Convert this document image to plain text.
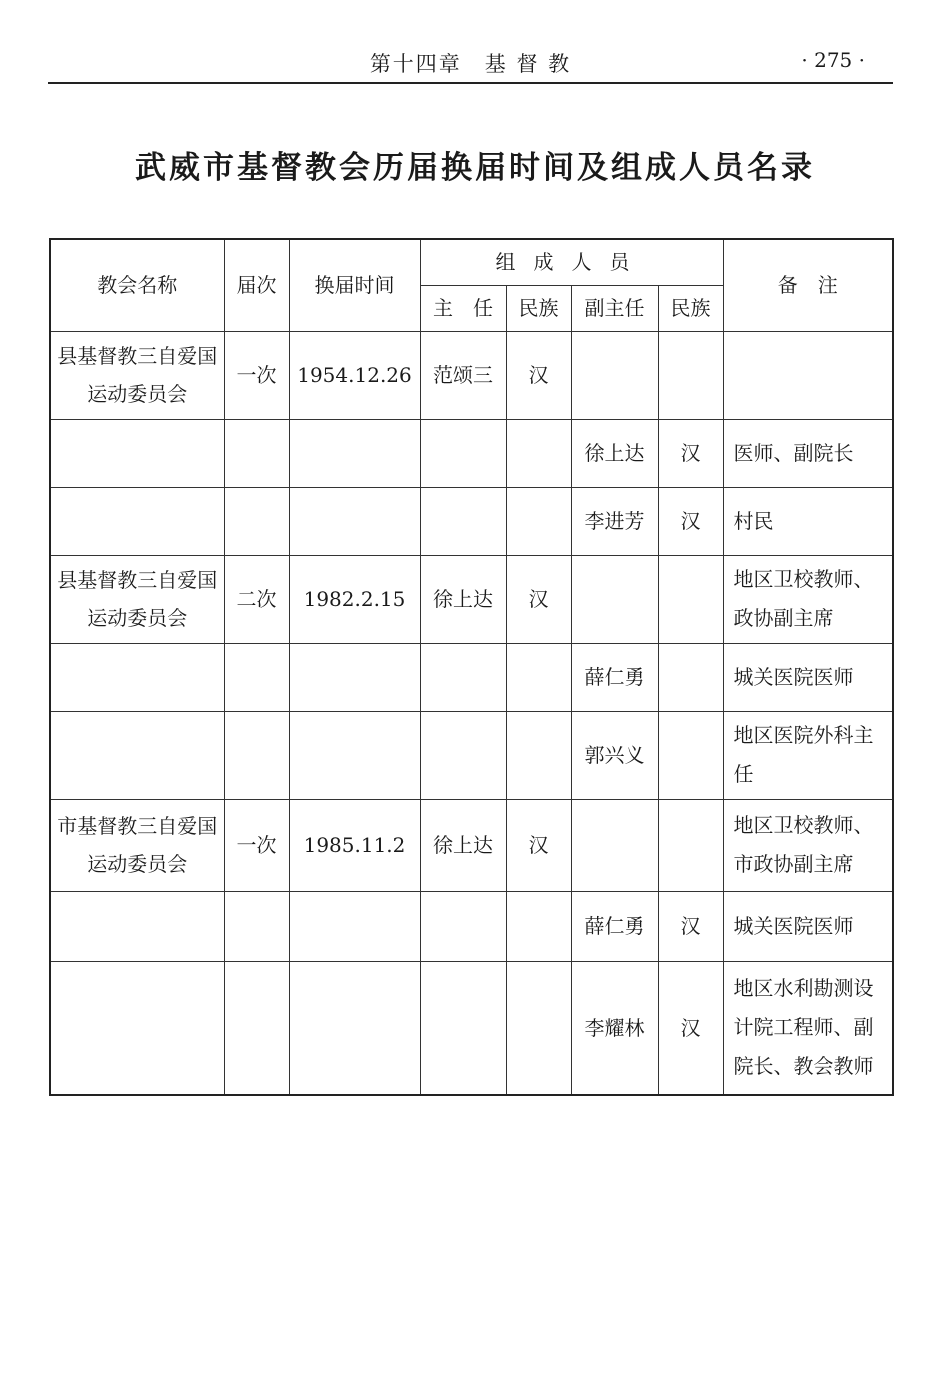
第十四章　基 督 教	· 275 ·
武威市基督教会历届换届时间及组成人员名录
教会名称	届次	换届时间	组成人员				备　注
			主　任	民族	副主任	民族	
县基督教三自爱国运动委员会	一次	1954.12.26	范颂三	汉			
					徐上达	汉	医师、副院长
					李进芳	汉	村民
县基督教三自爱国运动委员会	二次	1982.2.15	徐上达	汉			地区卫校教师、政协副主席
					薛仁勇		城关医院医师
					郭兴义		地区医院外科主任
市基督教三自爱国运动委员会	一次	1985.11.2	徐上达	汉			地区卫校教师、市政协副主席
					薛仁勇	汉	城关医院医师
					李耀林	汉	地区水利勘测设计院工程师、副院长、教会教师
